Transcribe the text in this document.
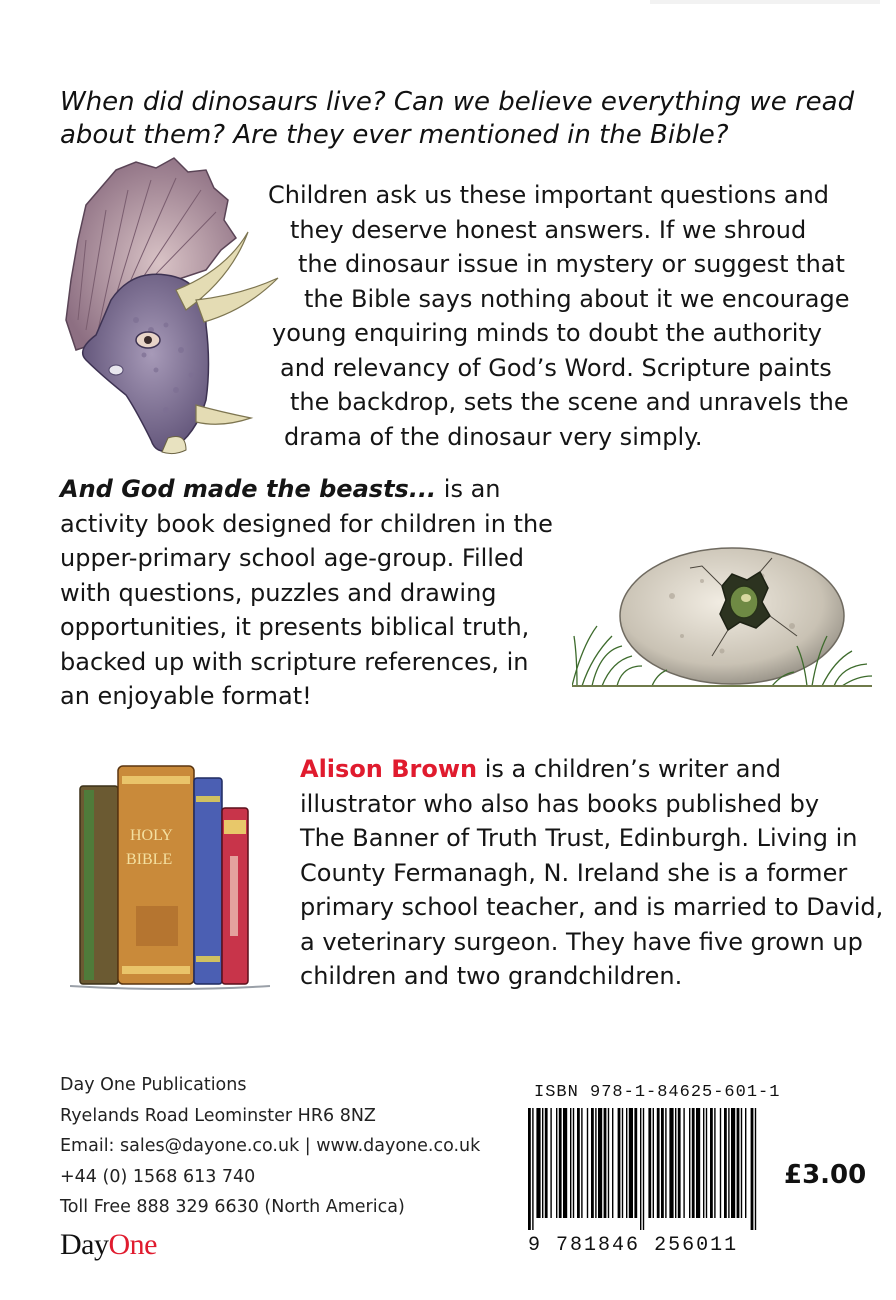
When did dinosaurs live? Can we believe everything we read
about them? Are they ever mentioned in the Bible?
Children ask us these important questions and
they deserve honest answers. If we shroud
the dinosaur issue in mystery or suggest that
the Bible says nothing about it we encourage
young enquiring minds to doubt the authority
and relevancy of God’s Word. Scripture paints
the backdrop, sets the scene and unravels the
drama of the dinosaur very simply.
And God made the beasts... is an
activity book designed for children in the
upper-primary school age-group. Filled
with questions, puzzles and drawing
opportunities, it presents biblical truth,
backed up with scripture references, in
an enjoyable format!
HOLY
BIBLE
Alison Brown is a children’s writer and
illustrator who also has books published by
The Banner of Truth Trust, Edinburgh. Living in
County Fermanagh, N. Ireland she is a former
primary school teacher, and is married to David,
a veterinary surgeon. They have five grown up
children and two grandchildren.
Day One Publications
Ryelands Road Leominster HR6 8NZ
Email: sales@dayone.co.uk | www.dayone.co.uk
+44 (0) 1568 613 740
Toll Free 888 329 6630 (North America)
DayOne
ISBN 978-1-84625-601-1
9 781846 256011
£3.00
